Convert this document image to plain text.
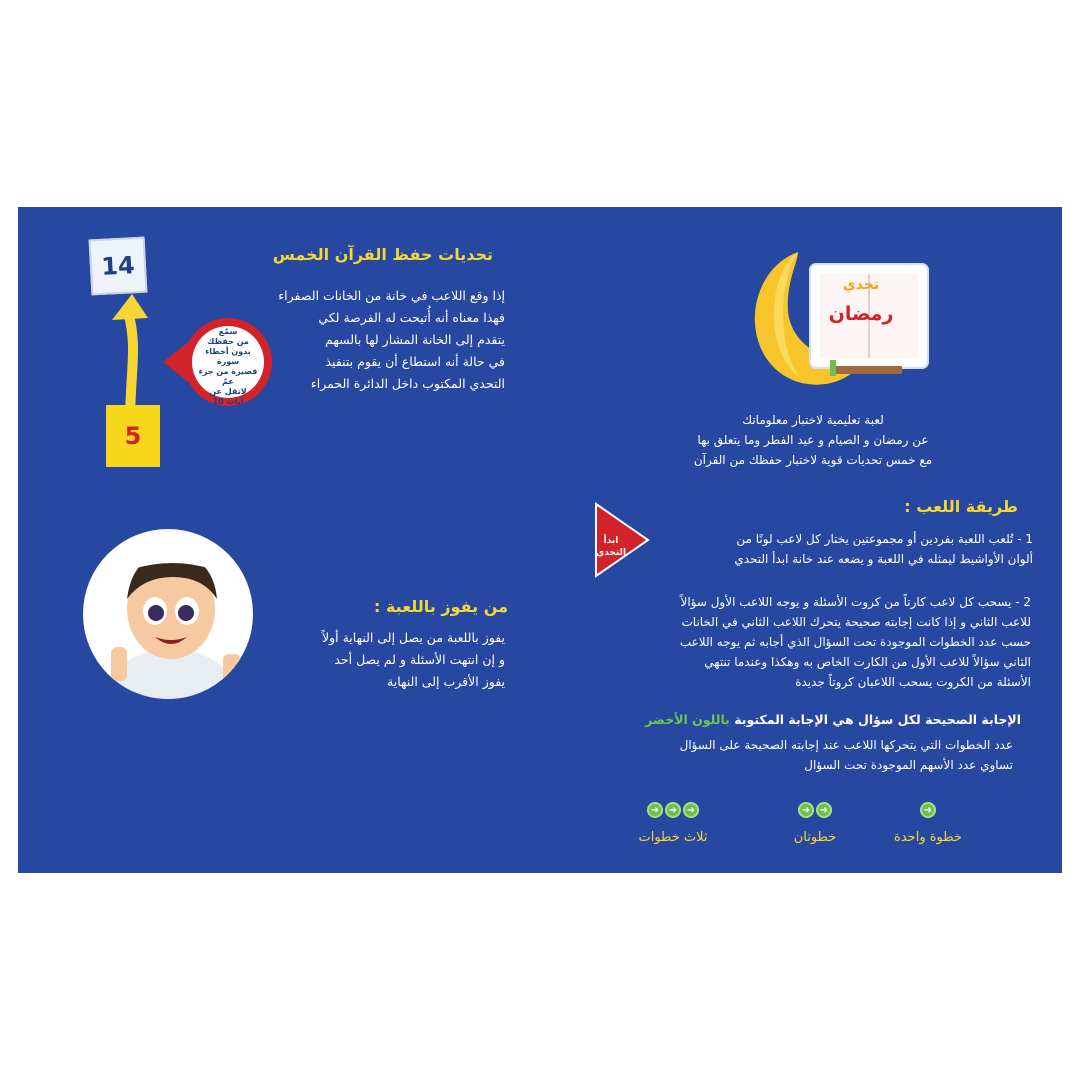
تحديات حفظ القرآن الخمس
إذا وقع اللاعب في خانة من الخانات الصفراء
فهذا معناه أنه أُتيحت له الفرصة لكي
يتقدم إلى الخانة المشار لها بالسهم
في حالة أنه استطاع أن يقوم بتنفيذ
التحدي المكتوب داخل الدائرة الحمراء
14
5
سمّع
من حفظك
بدون أخطاء سورة
قصيرة من جزء عمّ
لاتقل عن
10 آيات
من يفوز باللعبة :
يفوز باللعبة من يصل إلى النهاية أولاً
و إن انتهت الأسئلة و لم يصل أحد
يفوز الأقرب إلى النهاية
تحدي
رمضان
لعبة تعليمية لاختبار معلوماتك
عن رمضان و الصيام و عيد الفطر وما يتعلق بها
مع خمس تحديات قوية لاختبار حفظك من القرآن
طريقة اللعب :
ابدأ
التحدي
1 - تُلعب اللعبة بفردين أو مجموعتين يختار كل لاعب لونًا من
ألوان الأواشيط ليمثله في اللعبة و يضعه عند خانة ابدأ التحدي
2 - يسحب كل لاعب كارتاً من كروت الأسئلة و يوجه اللاعب الأول سؤالاً
للاعب الثاني و إذا كانت إجابته صحيحة يتحرك اللاعب الثاني في الخانات
حسب عدد الخطوات الموجودة تحت السؤال الذي أجابه ثم يوجه اللاعب
الثاني سؤالاً للاعب الأول من الكارت الخاص به وهكذا وعندما تنتهي
الأسئلة من الكروت يسحب اللاعبان كروتاً جديدة
الإجابة الصحيحة لكل سؤال هي الإجابة المكتوبة باللون الأخضر
عدد الخطوات التي يتحركها اللاعب عند إجابته الصحيحة على السؤال
تساوي عدد الأسهم الموجودة تحت السؤال
➜
خطوة واحدة
➜ ➜
خطوتان
➜ ➜ ➜
ثلاث خطوات
